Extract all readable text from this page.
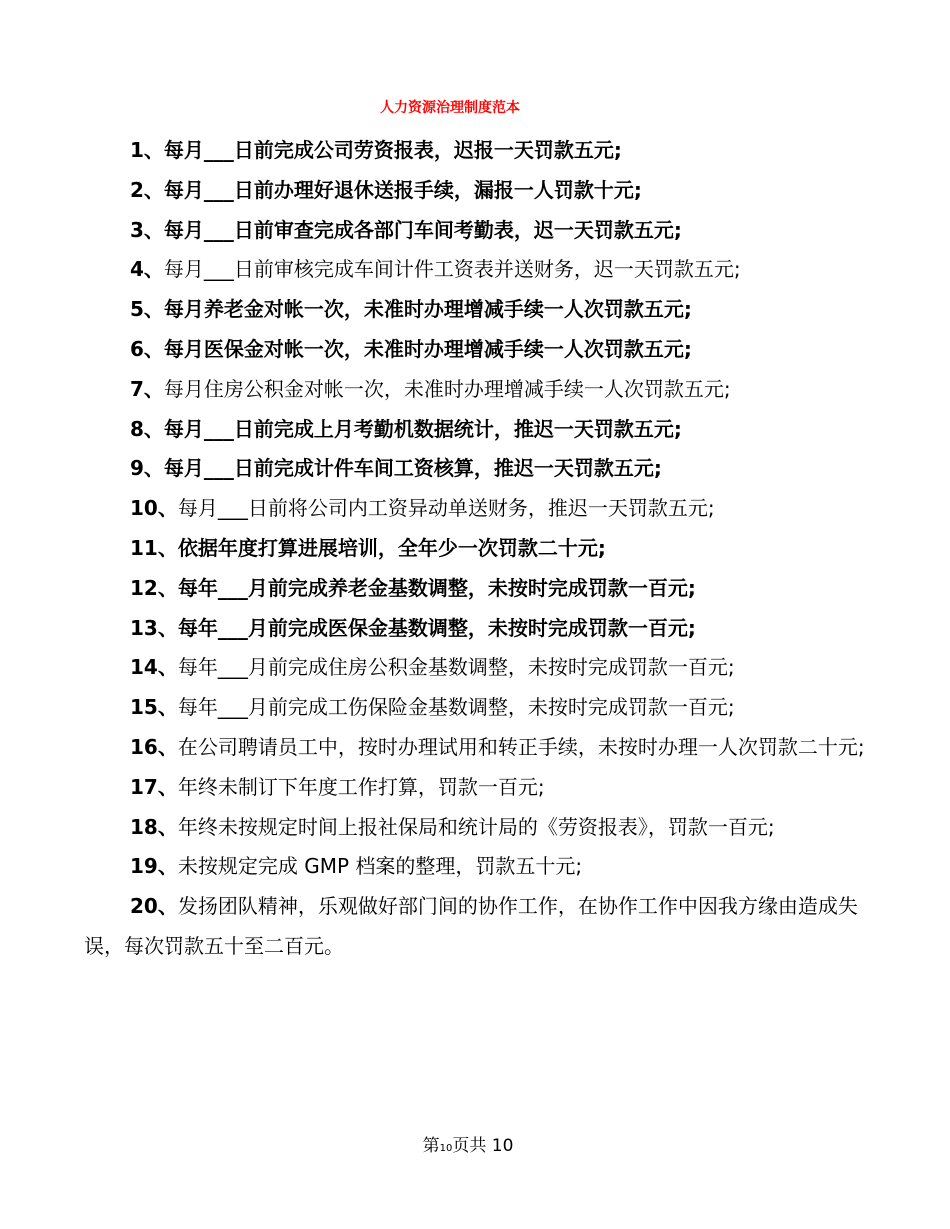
人力资源治理制度范本

1、每月___日前完成公司劳资报表，迟报一天罚款五元;

2、每月___日前办理好退休送报手续，漏报一人罚款十元;

3、每月___日前审查完成各部门车间考勤表，迟一天罚款五元;

4、每月___日前审核完成车间计件工资表并送财务，迟一天罚款五元;

5、每月养老金对帐一次，未准时办理增减手续一人次罚款五元;

6、每月医保金对帐一次，未准时办理增减手续一人次罚款五元;

7、每月住房公积金对帐一次，未准时办理增减手续一人次罚款五元;

8、每月___日前完成上月考勤机数据统计，推迟一天罚款五元;

9、每月___日前完成计件车间工资核算，推迟一天罚款五元;

10、每月___日前将公司内工资异动单送财务，推迟一天罚款五元;

11、依据年度打算进展培训，全年少一次罚款二十元;

12、每年___月前完成养老金基数调整，未按时完成罚款一百元;

13、每年___月前完成医保金基数调整，未按时完成罚款一百元;

14、每年___月前完成住房公积金基数调整，未按时完成罚款一百元;

15、每年___月前完成工伤保险金基数调整，未按时完成罚款一百元;

16、在公司聘请员工中，按时办理试用和转正手续，未按时办理一人次罚款二十元;

17、年终未制订下年度工作打算，罚款一百元;

18、年终未按规定时间上报社保局和统计局的《劳资报表》，罚款一百元;

19、未按规定完成 GMP 档案的整理，罚款五十元;

20、发扬团队精神，乐观做好部门间的协作工作，在协作工作中因我方缘由造成失误，每次罚款五十至二百元。

第10页共 10
